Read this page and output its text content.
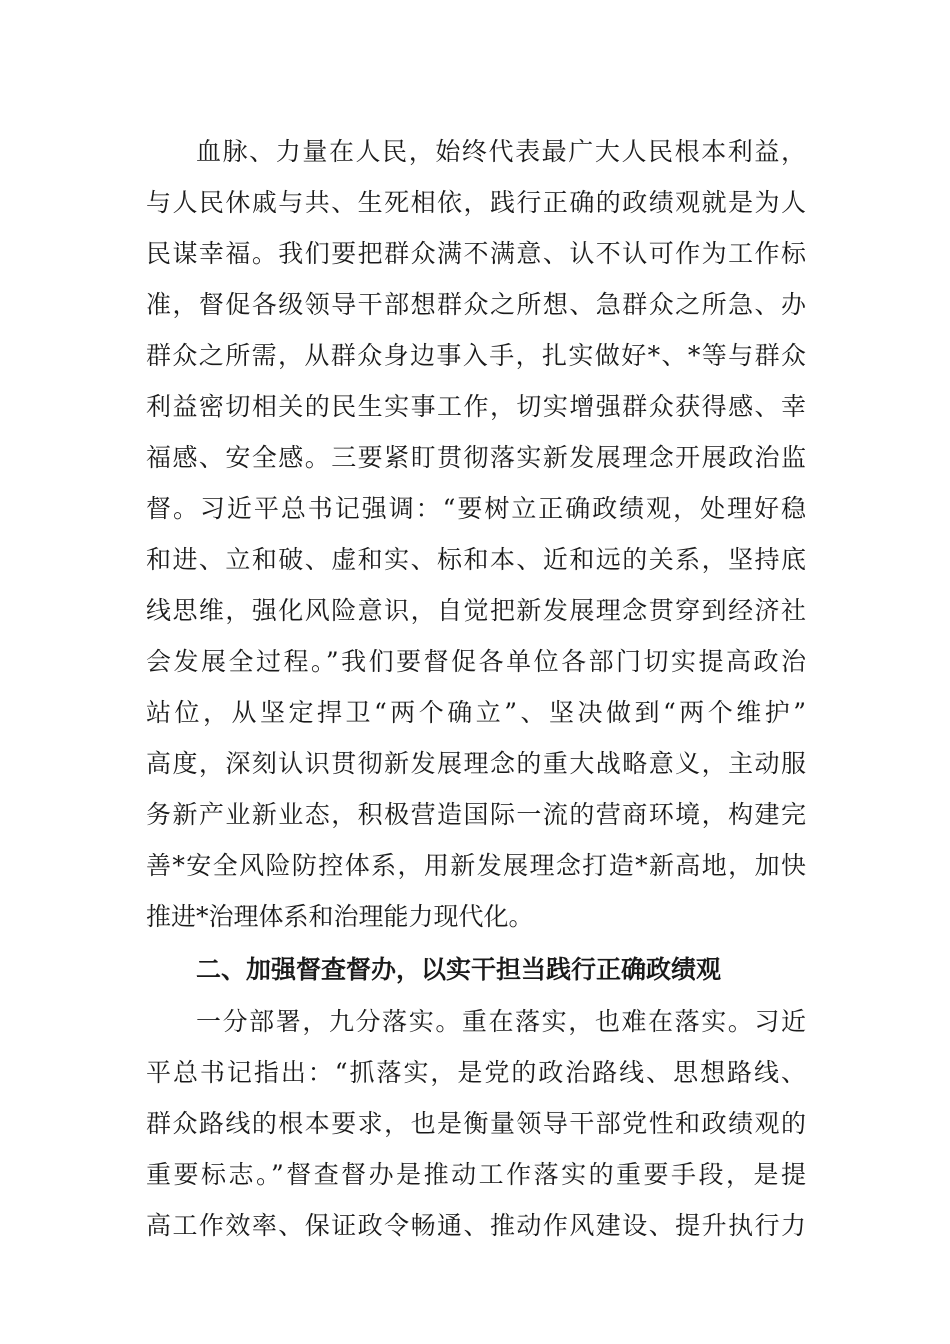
血脉、力量在人民，始终代表最广大人民根本利益，
与人民休戚与共、生死相依，践行正确的政绩观就是为人
民谋幸福。我们要把群众满不满意、认不认可作为工作标
准，督促各级领导干部想群众之所想、急群众之所急、办
群众之所需，从群众身边事入手，扎实做好*、*等与群众
利益密切相关的民生实事工作，切实增强群众获得感、幸
福感、安全感。三要紧盯贯彻落实新发展理念开展政治监
督。习近平总书记强调：“要树立正确政绩观，处理好稳
和进、立和破、虚和实、标和本、近和远的关系，坚持底
线思维，强化风险意识，自觉把新发展理念贯穿到经济社
会发展全过程。”我们要督促各单位各部门切实提高政治
站位，从坚定捍卫“两个确立”、坚决做到“两个维护”
高度，深刻认识贯彻新发展理念的重大战略意义，主动服
务新产业新业态，积极营造国际一流的营商环境，构建完
善*安全风险防控体系，用新发展理念打造*新高地，加快
推进*治理体系和治理能力现代化。
二、加强督查督办，以实干担当践行正确政绩观
一分部署，九分落实。重在落实，也难在落实。习近
平总书记指出：“抓落实，是党的政治路线、思想路线、
群众路线的根本要求，也是衡量领导干部党性和政绩观的
重要标志。”督查督办是推动工作落实的重要手段，是提
高工作效率、保证政令畅通、推动作风建设、提升执行力
